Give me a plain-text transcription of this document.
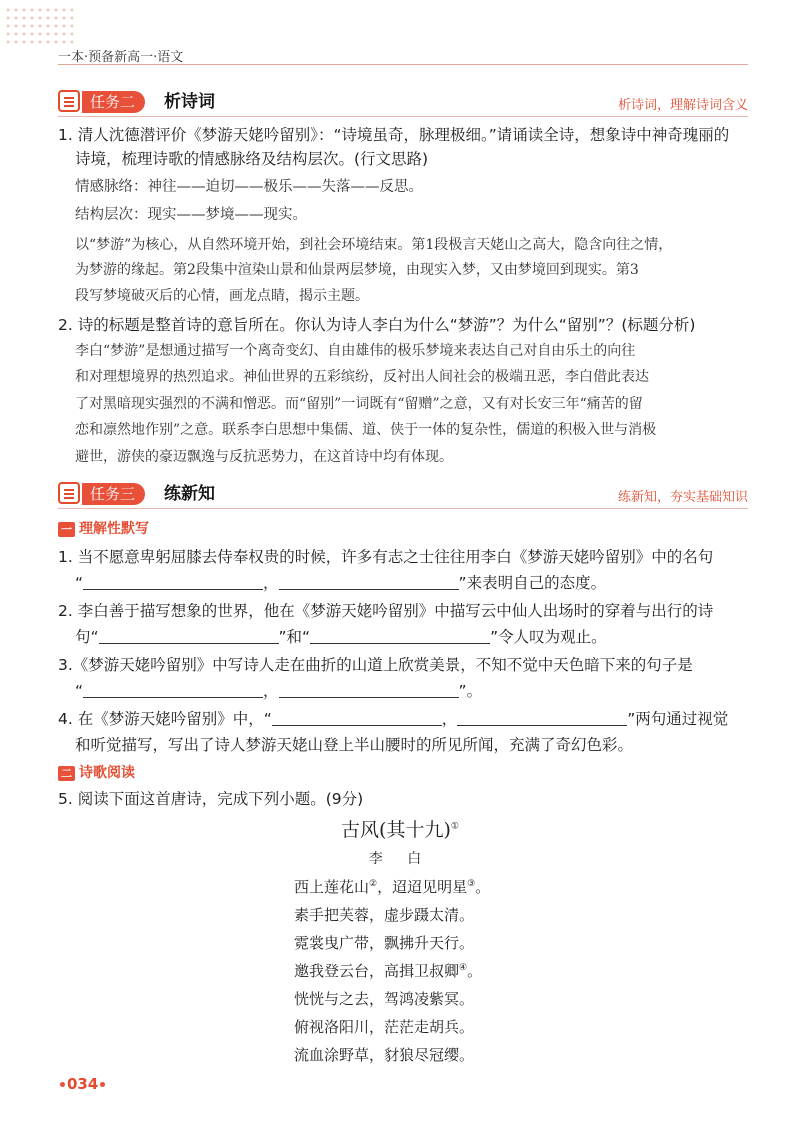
一本·预备新高一·语文
任务二	析诗词	析诗词，理解诗词含义
1. 清人沈德潜评价《梦游天姥吟留别》：“诗境虽奇，脉理极细。”请诵读全诗，想象诗中神奇瑰丽的
诗境，梳理诗歌的情感脉络及结构层次。(行文思路)
情感脉络：神往——迫切——极乐——失落——反思。
结构层次：现实——梦境——现实。
以“梦游”为核心，从自然环境开始，到社会环境结束。第1段极言天姥山之高大，隐含向往之情，
为梦游的缘起。第2段集中渲染山景和仙景两层梦境，由现实入梦，又由梦境回到现实。第3
段写梦境破灭后的心情，画龙点睛，揭示主题。
2. 诗的标题是整首诗的意旨所在。你认为诗人李白为什么“梦游”？为什么“留别”？(标题分析)
李白“梦游”是想通过描写一个离奇变幻、自由雄伟的极乐梦境来表达自己对自由乐土的向往
和对理想境界的热烈追求。神仙世界的五彩缤纷，反衬出人间社会的极端丑恶，李白借此表达
了对黑暗现实强烈的不满和憎恶。而“留别”一词既有“留赠”之意，又有对长安三年“痛苦的留
恋和凛然地作别”之意。联系李白思想中集儒、道、侠于一体的复杂性，儒道的积极入世与消极
避世，游侠的豪迈飘逸与反抗恶势力，在这首诗中均有体现。
任务三	练新知	练新知，夯实基础知识
一 理解性默写
1. 当不愿意卑躬屈膝去侍奉权贵的时候，许多有志之士往往用李白《梦游天姥吟留别》中的名句
“	，	”来表明自己的态度。
2. 李白善于描写想象的世界，他在《梦游天姥吟留别》中描写云中仙人出场时的穿着与出行的诗
句“	”和“	”令人叹为观止。
3.《梦游天姥吟留别》中写诗人走在曲折的山道上欣赏美景，不知不觉中天色暗下来的句子是
“	，	”。
4. 在《梦游天姥吟留别》中，“	，	”两句通过视觉
和听觉描写，写出了诗人梦游天姥山登上半山腰时的所见所闻，充满了奇幻色彩。
二 诗歌阅读
5. 阅读下面这首唐诗，完成下列小题。(9分)
古风(其十九)①
李 白
西上莲花山②，迢迢见明星③。
素手把芙蓉，虚步蹑太清。
霓裳曳广带，飘拂升天行。
邀我登云台，高揖卫叔卿④。
恍恍与之去，驾鸿凌紫冥。
俯视洛阳川，茫茫走胡兵。
流血涂野草，豺狼尽冠缨。
034
